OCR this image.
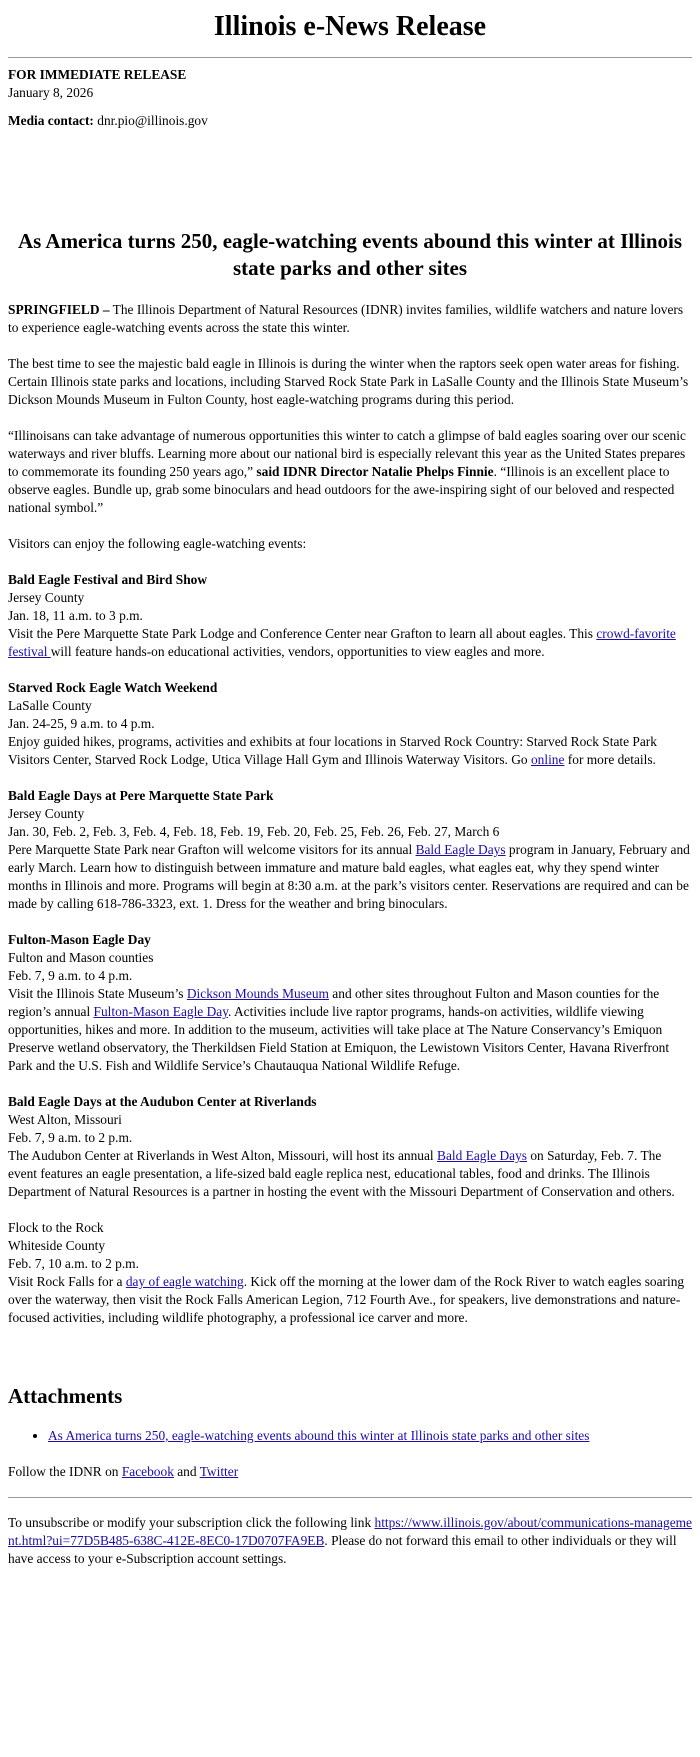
Illinois e-News Release
FOR IMMEDIATE RELEASE
January 8, 2026
Media contact: dnr.pio@illinois.gov
As America turns 250, eagle-watching events abound this winter at Illinois state parks and other sites

SPRINGFIELD – The Illinois Department of Natural Resources (IDNR) invites families, wildlife watchers and nature lovers to experience eagle-watching events across the state this winter.

The best time to see the majestic bald eagle in Illinois is during the winter when the raptors seek open water areas for fishing. Certain Illinois state parks and locations, including Starved Rock State Park in LaSalle County and the Illinois State Museum’s Dickson Mounds Museum in Fulton County, host eagle-watching programs during this period.

“Illinoisans can take advantage of numerous opportunities this winter to catch a glimpse of bald eagles soaring over our scenic waterways and river bluffs. Learning more about our national bird is especially relevant this year as the United States prepares to commemorate its founding 250 years ago,” said IDNR Director Natalie Phelps Finnie. “Illinois is an excellent place to observe eagles. Bundle up, grab some binoculars and head outdoors for the awe-inspiring sight of our beloved and respected national symbol.”

Visitors can enjoy the following eagle-watching events:

Bald Eagle Festival and Bird Show
Jersey County
Jan. 18, 11 a.m. to 3 p.m.
Visit the Pere Marquette State Park Lodge and Conference Center near Grafton to learn all about eagles. This crowd-favorite festival will feature hands-on educational activities, vendors, opportunities to view eagles and more.
Starved Rock Eagle Watch Weekend
LaSalle County
Jan. 24-25, 9 a.m. to 4 p.m.
Enjoy guided hikes, programs, activities and exhibits at four locations in Starved Rock Country: Starved Rock State Park Visitors Center, Starved Rock Lodge, Utica Village Hall Gym and Illinois Waterway Visitors. Go online for more details.
Bald Eagle Days at Pere Marquette State Park
Jersey County
Jan. 30, Feb. 2, Feb. 3, Feb. 4, Feb. 18, Feb. 19, Feb. 20, Feb. 25, Feb. 26, Feb. 27, March 6
Pere Marquette State Park near Grafton will welcome visitors for its annual Bald Eagle Days program in January, February and early March. Learn how to distinguish between immature and mature bald eagles, what eagles eat, why they spend winter months in Illinois and more. Programs will begin at 8:30 a.m. at the park’s visitors center. Reservations are required and can be made by calling 618-786-3323, ext. 1. Dress for the weather and bring binoculars.
Fulton-Mason Eagle Day
Fulton and Mason counties
Feb. 7, 9 a.m. to 4 p.m.
Visit the Illinois State Museum’s Dickson Mounds Museum and other sites throughout Fulton and Mason counties for the region’s annual Fulton-Mason Eagle Day. Activities include live raptor programs, hands-on activities, wildlife viewing opportunities, hikes and more. In addition to the museum, activities will take place at The Nature Conservancy’s Emiquon Preserve wetland observatory, the Therkildsen Field Station at Emiquon, the Lewistown Visitors Center, Havana Riverfront Park and the U.S. Fish and Wildlife Service’s Chautauqua National Wildlife Refuge.
Bald Eagle Days at the Audubon Center at Riverlands
West Alton, Missouri
Feb. 7, 9 a.m. to 2 p.m.
The Audubon Center at Riverlands in West Alton, Missouri, will host its annual Bald Eagle Days on Saturday, Feb. 7. The event features an eagle presentation, a life-sized bald eagle replica nest, educational tables, food and drinks. The Illinois Department of Natural Resources is a partner in hosting the event with the Missouri Department of Conservation and others.
Flock to the Rock
Whiteside County
Feb. 7, 10 a.m. to 2 p.m.
Visit Rock Falls for a day of eagle watching. Kick off the morning at the lower dam of the Rock River to watch eagles soaring over the waterway, then visit the Rock Falls American Legion, 712 Fourth Ave., for speakers, live demonstrations and nature-focused activities, including wildlife photography, a professional ice carver and more.
Attachments
• As America turns 250, eagle-watching events abound this winter at Illinois state parks and other sites
Follow the IDNR on Facebook and Twitter
To unsubscribe or modify your subscription click the following link https://www.illinois.gov/about/communications-management.html?ui=77D5B485-638C-412E-8EC0-17D0707FA9EB. Please do not forward this email to other individuals or they will have access to your e-Subscription account settings.
